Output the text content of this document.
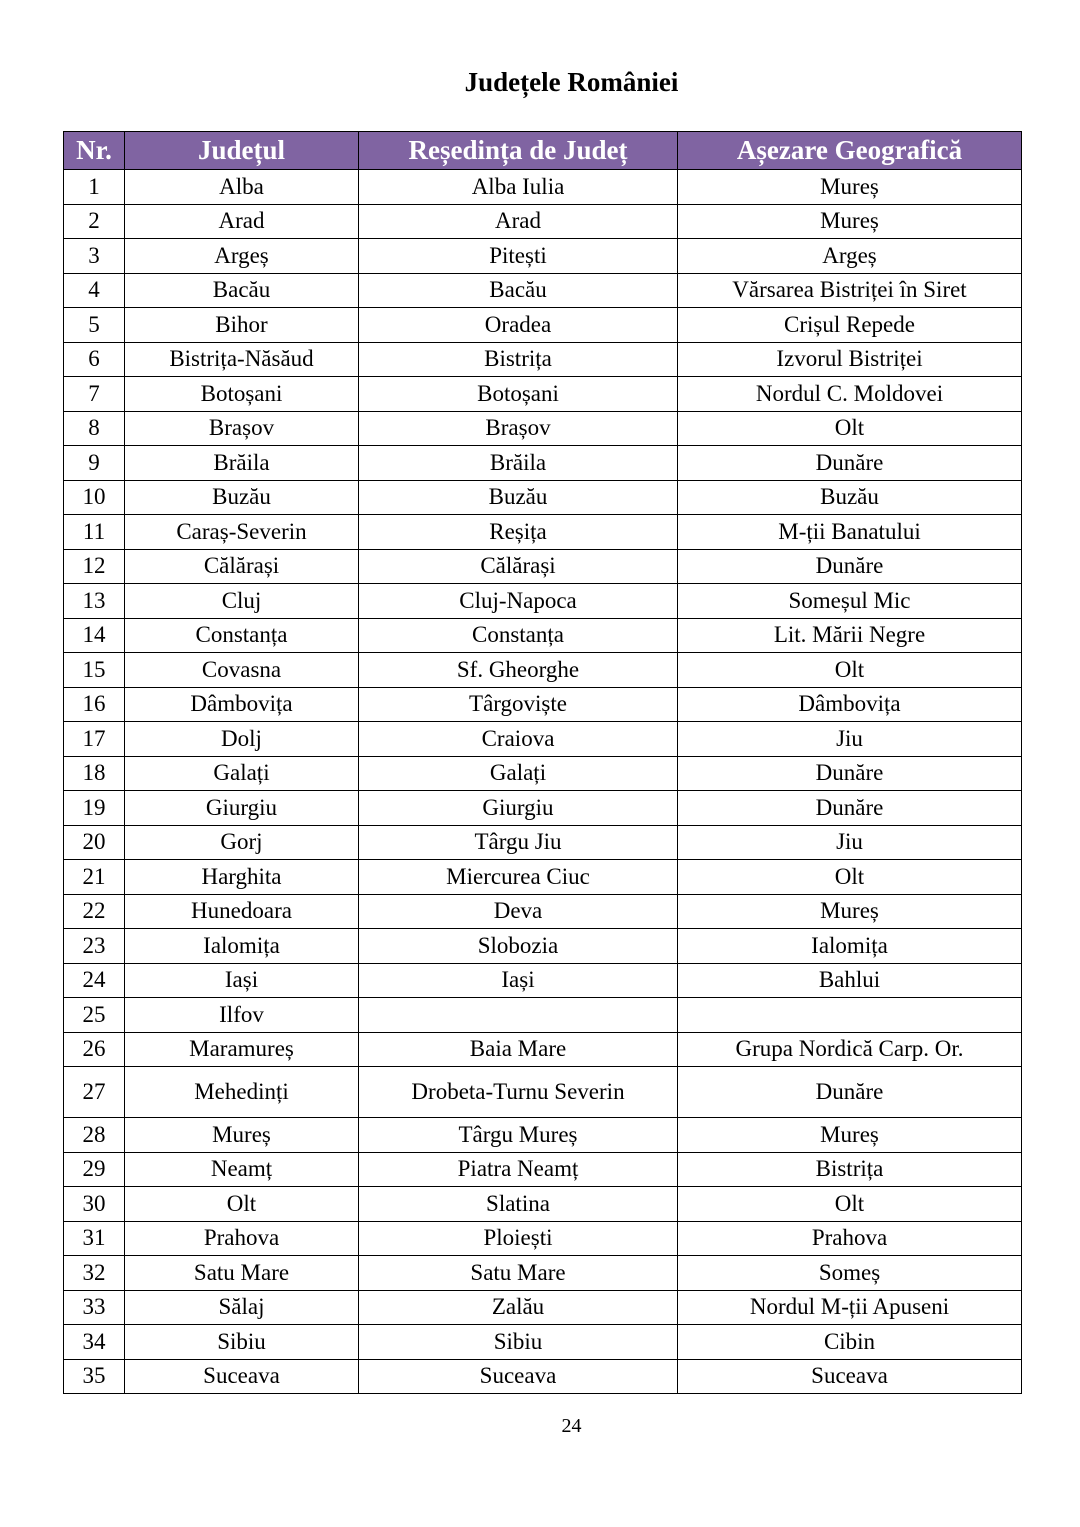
Județele României
Nr.	Județul	Reședința de Județ	Așezare Geografică
1	Alba	Alba Iulia	Mureș
2	Arad	Arad	Mureș
3	Argeș	Pitești	Argeș
4	Bacău	Bacău	Vărsarea Bistriței în Siret
5	Bihor	Oradea	Crișul Repede
6	Bistrița-Năsăud	Bistrița	Izvorul Bistriței
7	Botoșani	Botoșani	Nordul C. Moldovei
8	Brașov	Brașov	Olt
9	Brăila	Brăila	Dunăre
10	Buzău	Buzău	Buzău
11	Caraș-Severin	Reșița	M-ții Banatului
12	Călărași	Călărași	Dunăre
13	Cluj	Cluj-Napoca	Someșul Mic
14	Constanța	Constanța	Lit. Mării Negre
15	Covasna	Sf. Gheorghe	Olt
16	Dâmbovița	Târgoviște	Dâmbovița
17	Dolj	Craiova	Jiu
18	Galați	Galați	Dunăre
19	Giurgiu	Giurgiu	Dunăre
20	Gorj	Târgu Jiu	Jiu
21	Harghita	Miercurea Ciuc	Olt
22	Hunedoara	Deva	Mureș
23	Ialomița	Slobozia	Ialomița
24	Iași	Iași	Bahlui
25	Ilfov		
26	Maramureș	Baia Mare	Grupa Nordică Carp. Or.
27	Mehedinți	Drobeta-Turnu Severin	Dunăre
28	Mureș	Târgu Mureș	Mureș
29	Neamț	Piatra Neamț	Bistrița
30	Olt	Slatina	Olt
31	Prahova	Ploiești	Prahova
32	Satu Mare	Satu Mare	Someș
33	Sălaj	Zalău	Nordul M-ții Apuseni
34	Sibiu	Sibiu	Cibin
35	Suceava	Suceava	Suceava
24
